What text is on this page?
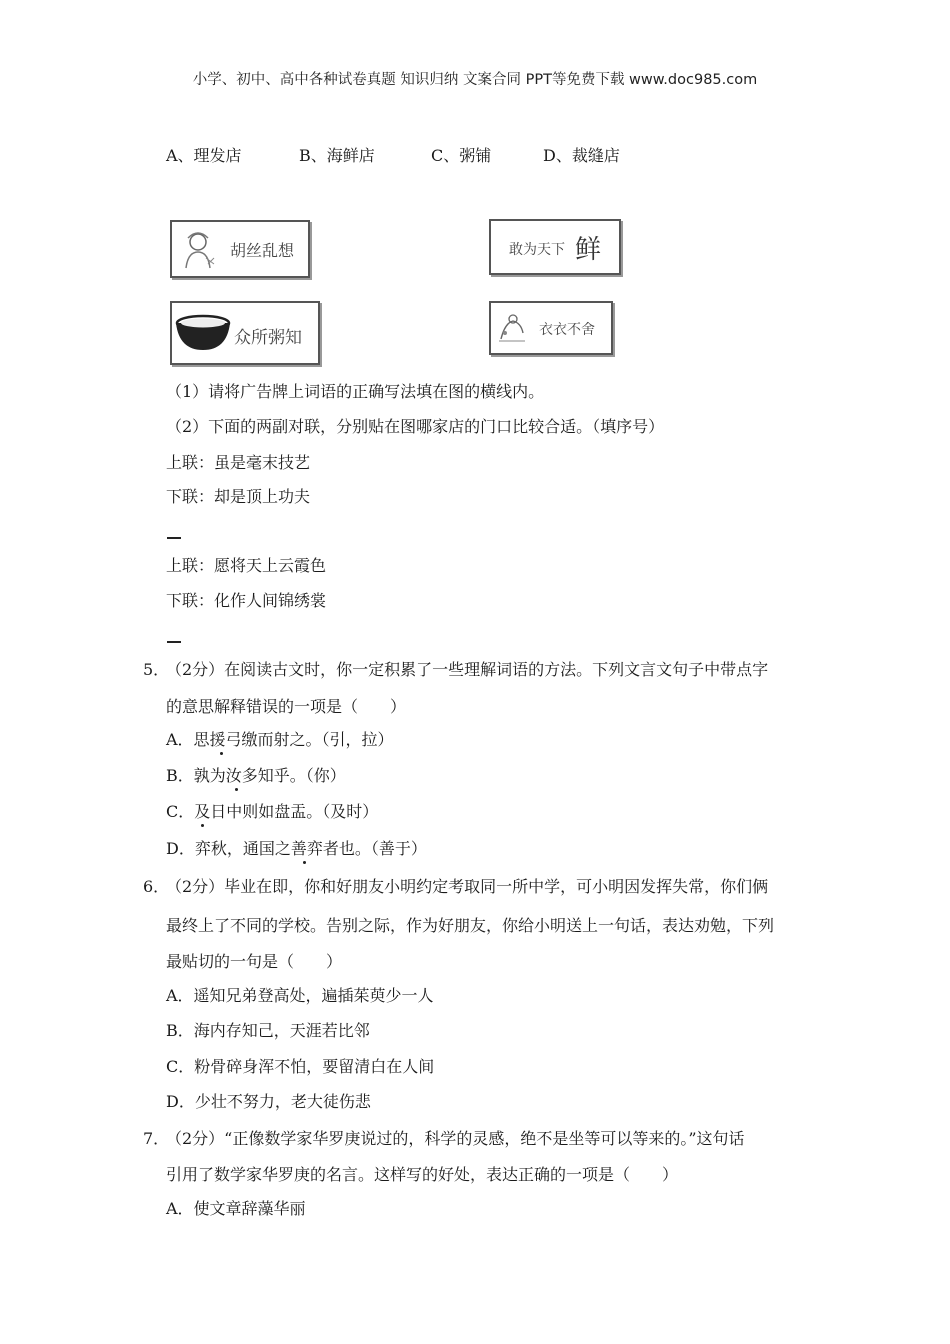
小学、初中、高中各种试卷真题 知识归纳 文案合同 PPT等免费下载 www.doc985.com
A、理发店	B、海鲜店	C、粥铺	D、裁缝店
胡丝乱想	敢为天下 鲜
众所粥知	衣衣不舍
（1）请将广告牌上词语的正确写法填在图的横线内。
（2）下面的两副对联，分别贴在图哪家店的门口比较合适。（填序号）
上联：虽是毫末技艺
下联：却是顶上功夫
上联：愿将天上云霞色
下联：化作人间锦绣裳
5．
（2分）在阅读古文时，你一定积累了一些理解词语的方法。下列文言文句子中带点字
的意思解释错误的一项是（　　）
A．思援弓缴而射之。（引，拉）
B．孰为汝多知乎。（你）
C．及日中则如盘盂。（及时）
D．弈秋，通国之善弈者也。（善于）
6．
（2分）毕业在即，你和好朋友小明约定考取同一所中学，可小明因发挥失常，你们俩
最终上了不同的学校。告别之际，作为好朋友，你给小明送上一句话，表达劝勉，下列
最贴切的一句是（　　）
A．遥知兄弟登高处，遍插茱萸少一人
B．海内存知己，天涯若比邻
C．粉骨碎身浑不怕，要留清白在人间
D．少壮不努力，老大徒伤悲
7．
（2分）“正像数学家华罗庚说过的，科学的灵感，绝不是坐等可以等来的。”这句话
引用了数学家华罗庚的名言。这样写的好处，表达正确的一项是（　　）
A．使文章辞藻华丽
